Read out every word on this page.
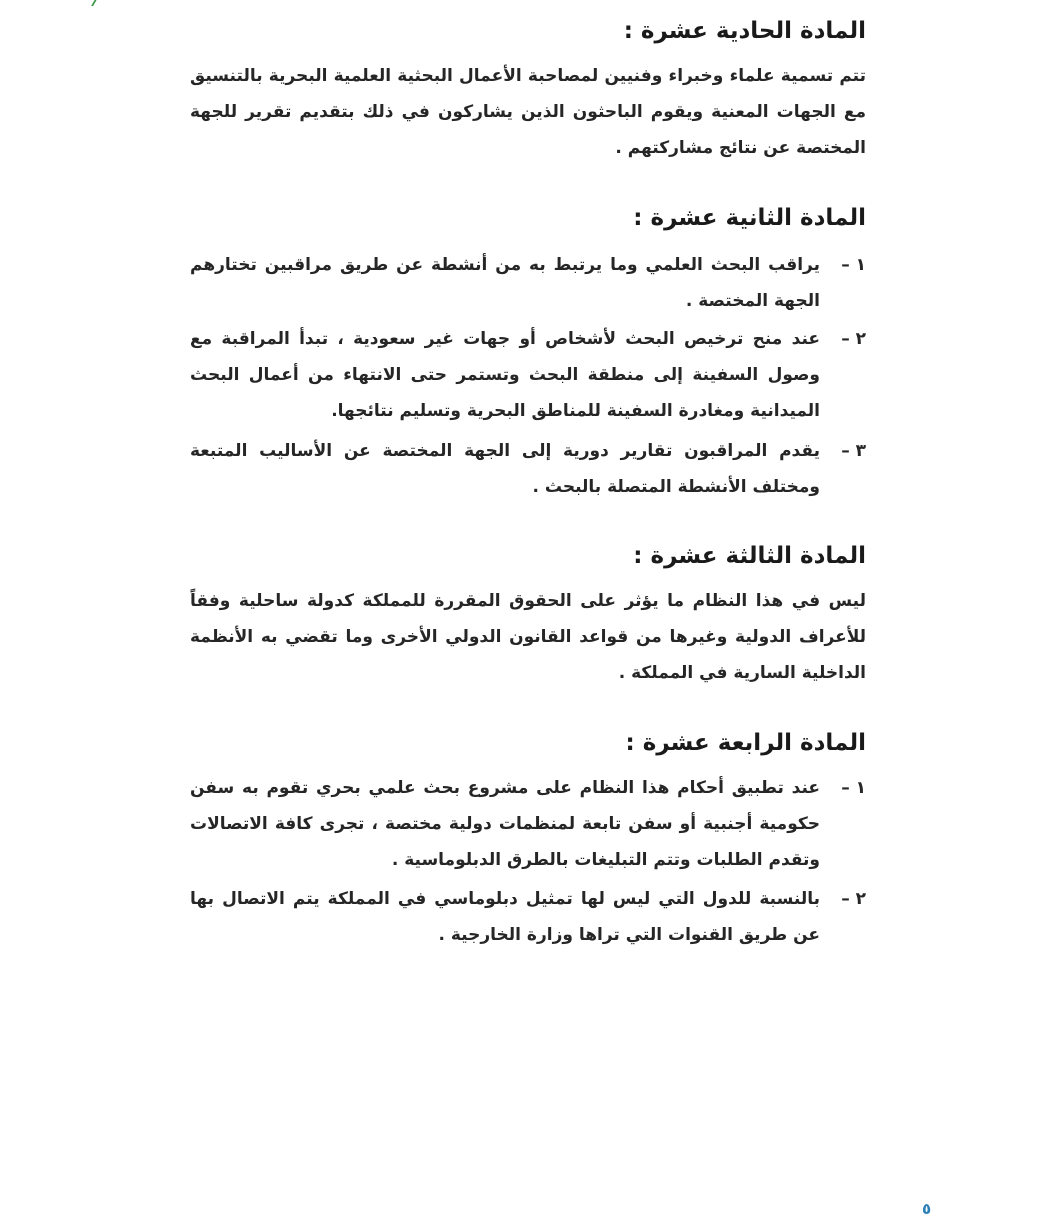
المادة الحادية عشرة :
تتم تسمية علماء وخبراء وفنيين لمصاحبة الأعمال البحثية العلمية البحرية بالتنسيق مع الجهات المعنية ويقوم الباحثون الذين يشاركون في ذلك بتقديم تقرير للجهة المختصة عن نتائج مشاركتهم .
المادة الثانية عشرة :
١ –
يراقب البحث العلمي وما يرتبط به من أنشطة عن طريق مراقبين تختارهم الجهة المختصة .
٢ –
عند منح ترخيص البحث لأشخاص أو جهات غير سعودية ، تبدأ المراقبة مع وصول السفينة إلى منطقة البحث وتستمر حتى الانتهاء من أعمال البحث الميدانية ومغادرة السفينة للمناطق البحرية وتسليم نتائجها.
٣ –
يقدم المراقبون تقارير دورية إلى الجهة المختصة عن الأساليب المتبعة ومختلف الأنشطة المتصلة بالبحث .
المادة الثالثة عشرة :
ليس في هذا النظام ما يؤثر على الحقوق المقررة للمملكة كدولة ساحلية وفقاً للأعراف الدولية وغيرها من قواعد القانون الدولي الأخرى وما تقضي به الأنظمة الداخلية السارية في المملكة .
المادة الرابعة عشرة :
١ –
عند تطبيق أحكام هذا النظام على مشروع بحث علمي بحري تقوم به سفن حكومية أجنبية أو سفن تابعة لمنظمات دولية مختصة ، تجرى كافة الاتصالات وتقدم الطلبات وتتم التبليغات بالطرق الدبلوماسية .
٢ –
بالنسبة للدول التي ليس لها تمثيل دبلوماسي في المملكة يتم الاتصال بها عن طريق القنوات التي تراها وزارة الخارجية .
٥
